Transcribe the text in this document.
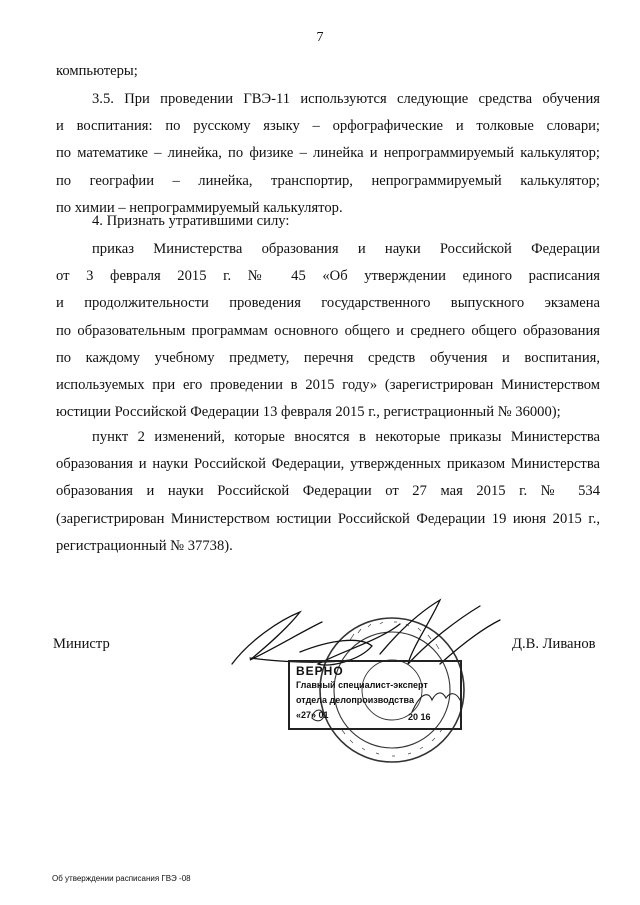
7
компьютеры;
3.5. При проведении ГВЭ-11 используются следующие средства обучения
и воспитания: по русскому языку – орфографические и толковые словари;
по математике – линейка, по физике – линейка и непрограммируемый калькулятор;
по географии – линейка, транспортир, непрограммируемый калькулятор;
по химии – непрограммируемый калькулятор.
4. Признать утратившими силу:
приказ Министерства образования и науки Российской Федерации
от 3 февраля 2015 г. № 45 «Об утверждении единого расписания
и продолжительности проведения государственного выпускного экзамена
по образовательным программам основного общего и среднего общего образования
по каждому учебному предмету, перечня средств обучения и воспитания,
используемых при его проведении в 2015 году» (зарегистрирован Министерством
юстиции Российской Федерации 13 февраля 2015 г., регистрационный № 36000);
пункт 2 изменений, которые вносятся в некоторые приказы Министерства
образования и науки Российской Федерации, утвержденных приказом Министерства
образования и науки Российской Федерации от 27 мая 2015 г. № 534
(зарегистрирован Министерством юстиции Российской Федерации 19 июня 2015 г.,
регистрационный № 37738).
Министр	Д.В. Ливанов
ВЕРНО
Главный специалист-эксперт
отдела делопроизводства
«27» 01	20 16
Об утверждении расписания ГВЭ -08
